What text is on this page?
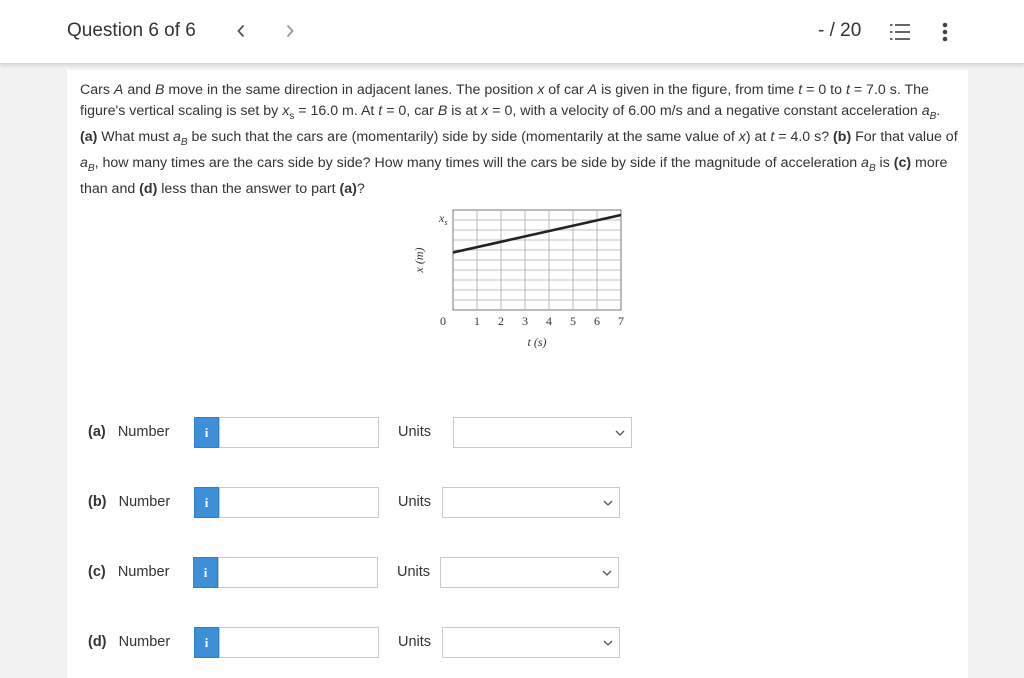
Question 6 of 6	- / 20
Cars A and B move in the same direction in adjacent lanes. The position x of car A is given in the figure, from time t = 0 to t = 7.0 s. The figure's vertical scaling is set by $x_s = 16.0$ m. At t = 0, car B is at x = 0, with a velocity of 6.00 m/s and a negative constant acceleration $a_B$. (a) What must $a_B$ be such that the cars are (momentarily) side by side (momentarily at the same value of x) at t = 4.0 s? (b) For that value of $a_B$, how many times are the cars side by side? How many times will the cars be side by side if the magnitude of acceleration $a_B$ is (c) more than and (d) less than the answer to part (a)?
$x_s$
x (m)
0 1 2 3 4 5 6 7
t (s)
(a) Number	i	Units
(b) Number	i	Units
(c) Number	i	Units
(d) Number	i	Units
